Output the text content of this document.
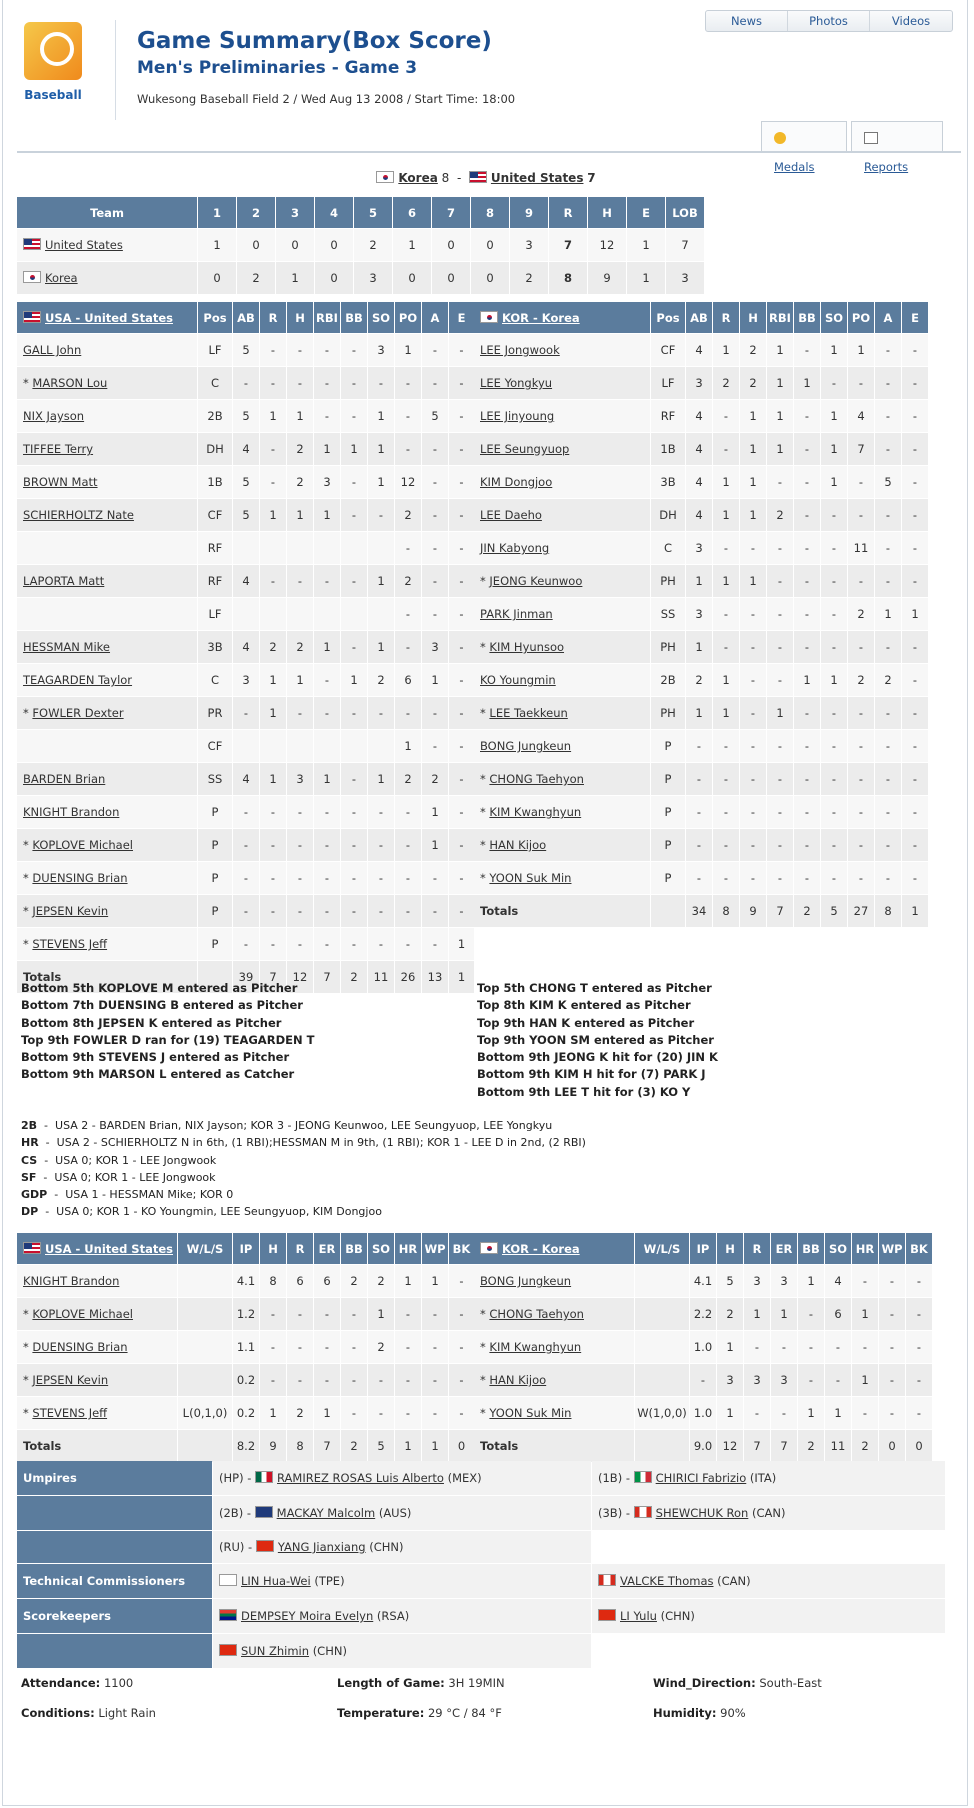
Baseball
Game Summary(Box Score)
Men's Preliminaries - Game 3
Wukesong Baseball Field 2 / Wed Aug 13 2008 / Start Time: 18:00
News	Photos	Videos
Medals	Reports
Korea 8 - United States 7
Team	1	2	3	4	5	6	7	8	9	R	H	E	LOB
United States	1	0	0	0	2	1	0	0	3	7	12	1	7
Korea	0	2	1	0	3	0	0	0	2	8	9	1	3
USA - United States	Pos	AB	R	H	RBI	BB	SO	PO	A	E
GALL John	LF	5	-	-	-	-	3	1	-	-
* MARSON Lou	C	-	-	-	-	-	-	-	-	-
NIX Jayson	2B	5	1	1	-	-	1	-	5	-
TIFFEE Terry	DH	4	-	2	1	1	1	-	-	-
BROWN Matt	1B	5	-	2	3	-	1	12	-	-
SCHIERHOLTZ Nate	CF	5	1	1	1	-	-	2	-	-
	RF							-	-	-
LAPORTA Matt	RF	4	-	-	-	-	1	2	-	-
	LF							-	-	-
HESSMAN Mike	3B	4	2	2	1	-	1	-	3	-
TEAGARDEN Taylor	C	3	1	1	-	1	2	6	1	-
* FOWLER Dexter	PR	-	1	-	-	-	-	-	-	-
	CF							1	-	-
BARDEN Brian	SS	4	1	3	1	-	1	2	2	-
KNIGHT Brandon	P	-	-	-	-	-	-	-	1	-
* KOPLOVE Michael	P	-	-	-	-	-	-	-	1	-
* DUENSING Brian	P	-	-	-	-	-	-	-	-	-
* JEPSEN Kevin	P	-	-	-	-	-	-	-	-	-
* STEVENS Jeff	P	-	-	-	-	-	-	-	-	1
Totals		39	7	12	7	2	11	26	13	1
KOR - Korea	Pos	AB	R	H	RBI	BB	SO	PO	A	E
LEE Jongwook	CF	4	1	2	1	-	1	1	-	-
LEE Yongkyu	LF	3	2	2	1	1	-	-	-	-
LEE Jinyoung	RF	4	-	1	1	-	1	4	-	-
LEE Seungyuop	1B	4	-	1	1	-	1	7	-	-
KIM Dongjoo	3B	4	1	1	-	-	1	-	5	-
LEE Daeho	DH	4	1	1	2	-	-	-	-	-
JIN Kabyong	C	3	-	-	-	-	-	11	-	-
* JEONG Keunwoo	PH	1	1	1	-	-	-	-	-	-
PARK Jinman	SS	3	-	-	-	-	-	2	1	1
* KIM Hyunsoo	PH	1	-	-	-	-	-	-	-	-
KO Youngmin	2B	2	1	-	-	1	1	2	2	-
* LEE Taekkeun	PH	1	1	-	1	-	-	-	-	-
BONG Jungkeun	P	-	-	-	-	-	-	-	-	-
* CHONG Taehyon	P	-	-	-	-	-	-	-	-	-
* KIM Kwanghyun	P	-	-	-	-	-	-	-	-	-
* HAN Kijoo	P	-	-	-	-	-	-	-	-	-
* YOON Suk Min	P	-	-	-	-	-	-	-	-	-
Totals		34	8	9	7	2	5	27	8	1
Bottom 5th KOPLOVE M entered as Pitcher
Bottom 7th DUENSING B entered as Pitcher
Bottom 8th JEPSEN K entered as Pitcher
Top 9th FOWLER D ran for (19) TEAGARDEN T
Bottom 9th STEVENS J entered as Pitcher
Bottom 9th MARSON L entered as Catcher
Top 5th CHONG T entered as Pitcher
Top 8th KIM K entered as Pitcher
Top 9th HAN K entered as Pitcher
Top 9th YOON SM entered as Pitcher
Bottom 9th JEONG K hit for (20) JIN K
Bottom 9th KIM H hit for (7) PARK J
Bottom 9th LEE T hit for (3) KO Y
2B  -  USA 2 - BARDEN Brian, NIX Jayson; KOR 3 - JEONG Keunwoo, LEE Seungyuop, LEE Yongkyu
HR  -  USA 2 - SCHIERHOLTZ N in 6th, (1 RBI);HESSMAN M in 9th, (1 RBI); KOR 1 - LEE D in 2nd, (2 RBI)
CS  -  USA 0; KOR 1 - LEE Jongwook
SF  -  USA 0; KOR 1 - LEE Jongwook
GDP  -  USA 1 - HESSMAN Mike; KOR 0
DP  -  USA 0; KOR 1 - KO Youngmin, LEE Seungyuop, KIM Dongjoo
USA - United States	W/L/S	IP	H	R	ER	BB	SO	HR	WP	BK
KNIGHT Brandon		4.1	8	6	6	2	2	1	1	-
* KOPLOVE Michael		1.2	-	-	-	-	1	-	-	-
* DUENSING Brian		1.1	-	-	-	-	2	-	-	-
* JEPSEN Kevin		0.2	-	-	-	-	-	-	-	-
* STEVENS Jeff	L(0,1,0)	0.2	1	2	1	-	-	-	-	-
Totals		8.2	9	8	7	2	5	1	1	0
KOR - Korea	W/L/S	IP	H	R	ER	BB	SO	HR	WP	BK
BONG Jungkeun		4.1	5	3	3	1	4	-	-	-
* CHONG Taehyon		2.2	2	1	1	-	6	1	-	-
* KIM Kwanghyun		1.0	1	-	-	-	-	-	-	-
* HAN Kijoo		-	3	3	3	-	-	1	-	-
* YOON Suk Min	W(1,0,0)	1.0	1	-	-	1	1	-	-	-
Totals		9.0	12	7	7	2	11	2	0	0
Umpires	(HP) - RAMIREZ ROSAS Luis Alberto (MEX)	(1B) - CHIRICI Fabrizio (ITA)
	(2B) - MACKAY Malcolm (AUS)	(3B) - SHEWCHUK Ron (CAN)
	(RU) - YANG Jianxiang (CHN)	
Technical Commissioners	LIN Hua-Wei (TPE)	VALCKE Thomas (CAN)
Scorekeepers	DEMPSEY Moira Evelyn (RSA)	LI Yulu (CHN)
	SUN Zhimin (CHN)	
Attendance: 1100	Length of Game: 3H 19MIN	Wind_Direction: South-East
Conditions: Light Rain	Temperature: 29 °C / 84 °F	Humidity: 90%
